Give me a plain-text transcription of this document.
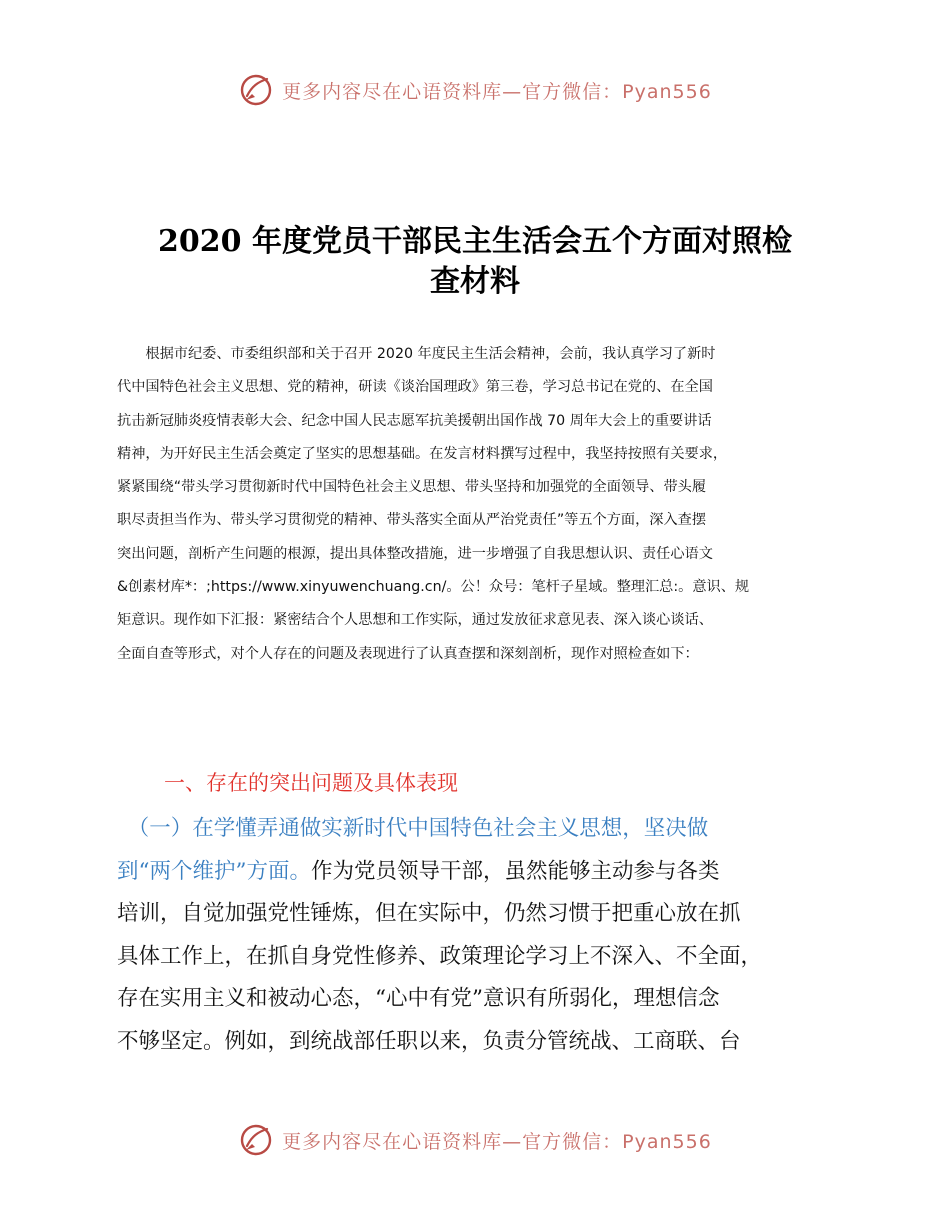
更多内容尽在心语资料库—官方微信：Pyan556
2020 年度党员干部民主生活会五个方面对照检
查材料
　　根据市纪委、市委组织部和关于召开 2020 年度民主生活会精神，会前，我认真学习了新时
代中国特色社会主义思想、党的精神，研读《谈治国理政》第三卷，学习总书记在党的、在全国
抗击新冠肺炎疫情表彰大会、纪念中国人民志愿军抗美援朝出国作战 70 周年大会上的重要讲话
精神，为开好民主生活会奠定了坚实的思想基础。在发言材料撰写过程中，我坚持按照有关要求，
紧紧围绕“带头学习贯彻新时代中国特色社会主义思想、带头坚持和加强党的全面领导、带头履
职尽责担当作为、带头学习贯彻党的精神、带头落实全面从严治党责任”等五个方面，深入查摆
突出问题，剖析产生问题的根源，提出具体整改措施，进一步增强了自我思想认识、责任心语文
&创素材库*：;https://www.xinyuwenchuang.cn/。公！众号：笔杆子星域。整理汇总:。意识、规
矩意识。现作如下汇报：紧密结合个人思想和工作实际，通过发放征求意见表、深入谈心谈话、
全面自查等形式，对个人存在的问题及表现进行了认真查摆和深刻剖析，现作对照检查如下：
一、存在的突出问题及具体表现
　（一）在学懂弄通做实新时代中国特色社会主义思想，坚决做
到“两个维护”方面。作为党员领导干部，虽然能够主动参与各类
培训，自觉加强党性锤炼，但在实际中，仍然习惯于把重心放在抓
具体工作上，在抓自身党性修养、政策理论学习上不深入、不全面，
存在实用主义和被动心态，“心中有党”意识有所弱化，理想信念
不够坚定。例如，到统战部任职以来，负责分管统战、工商联、台
更多内容尽在心语资料库—官方微信：Pyan556
